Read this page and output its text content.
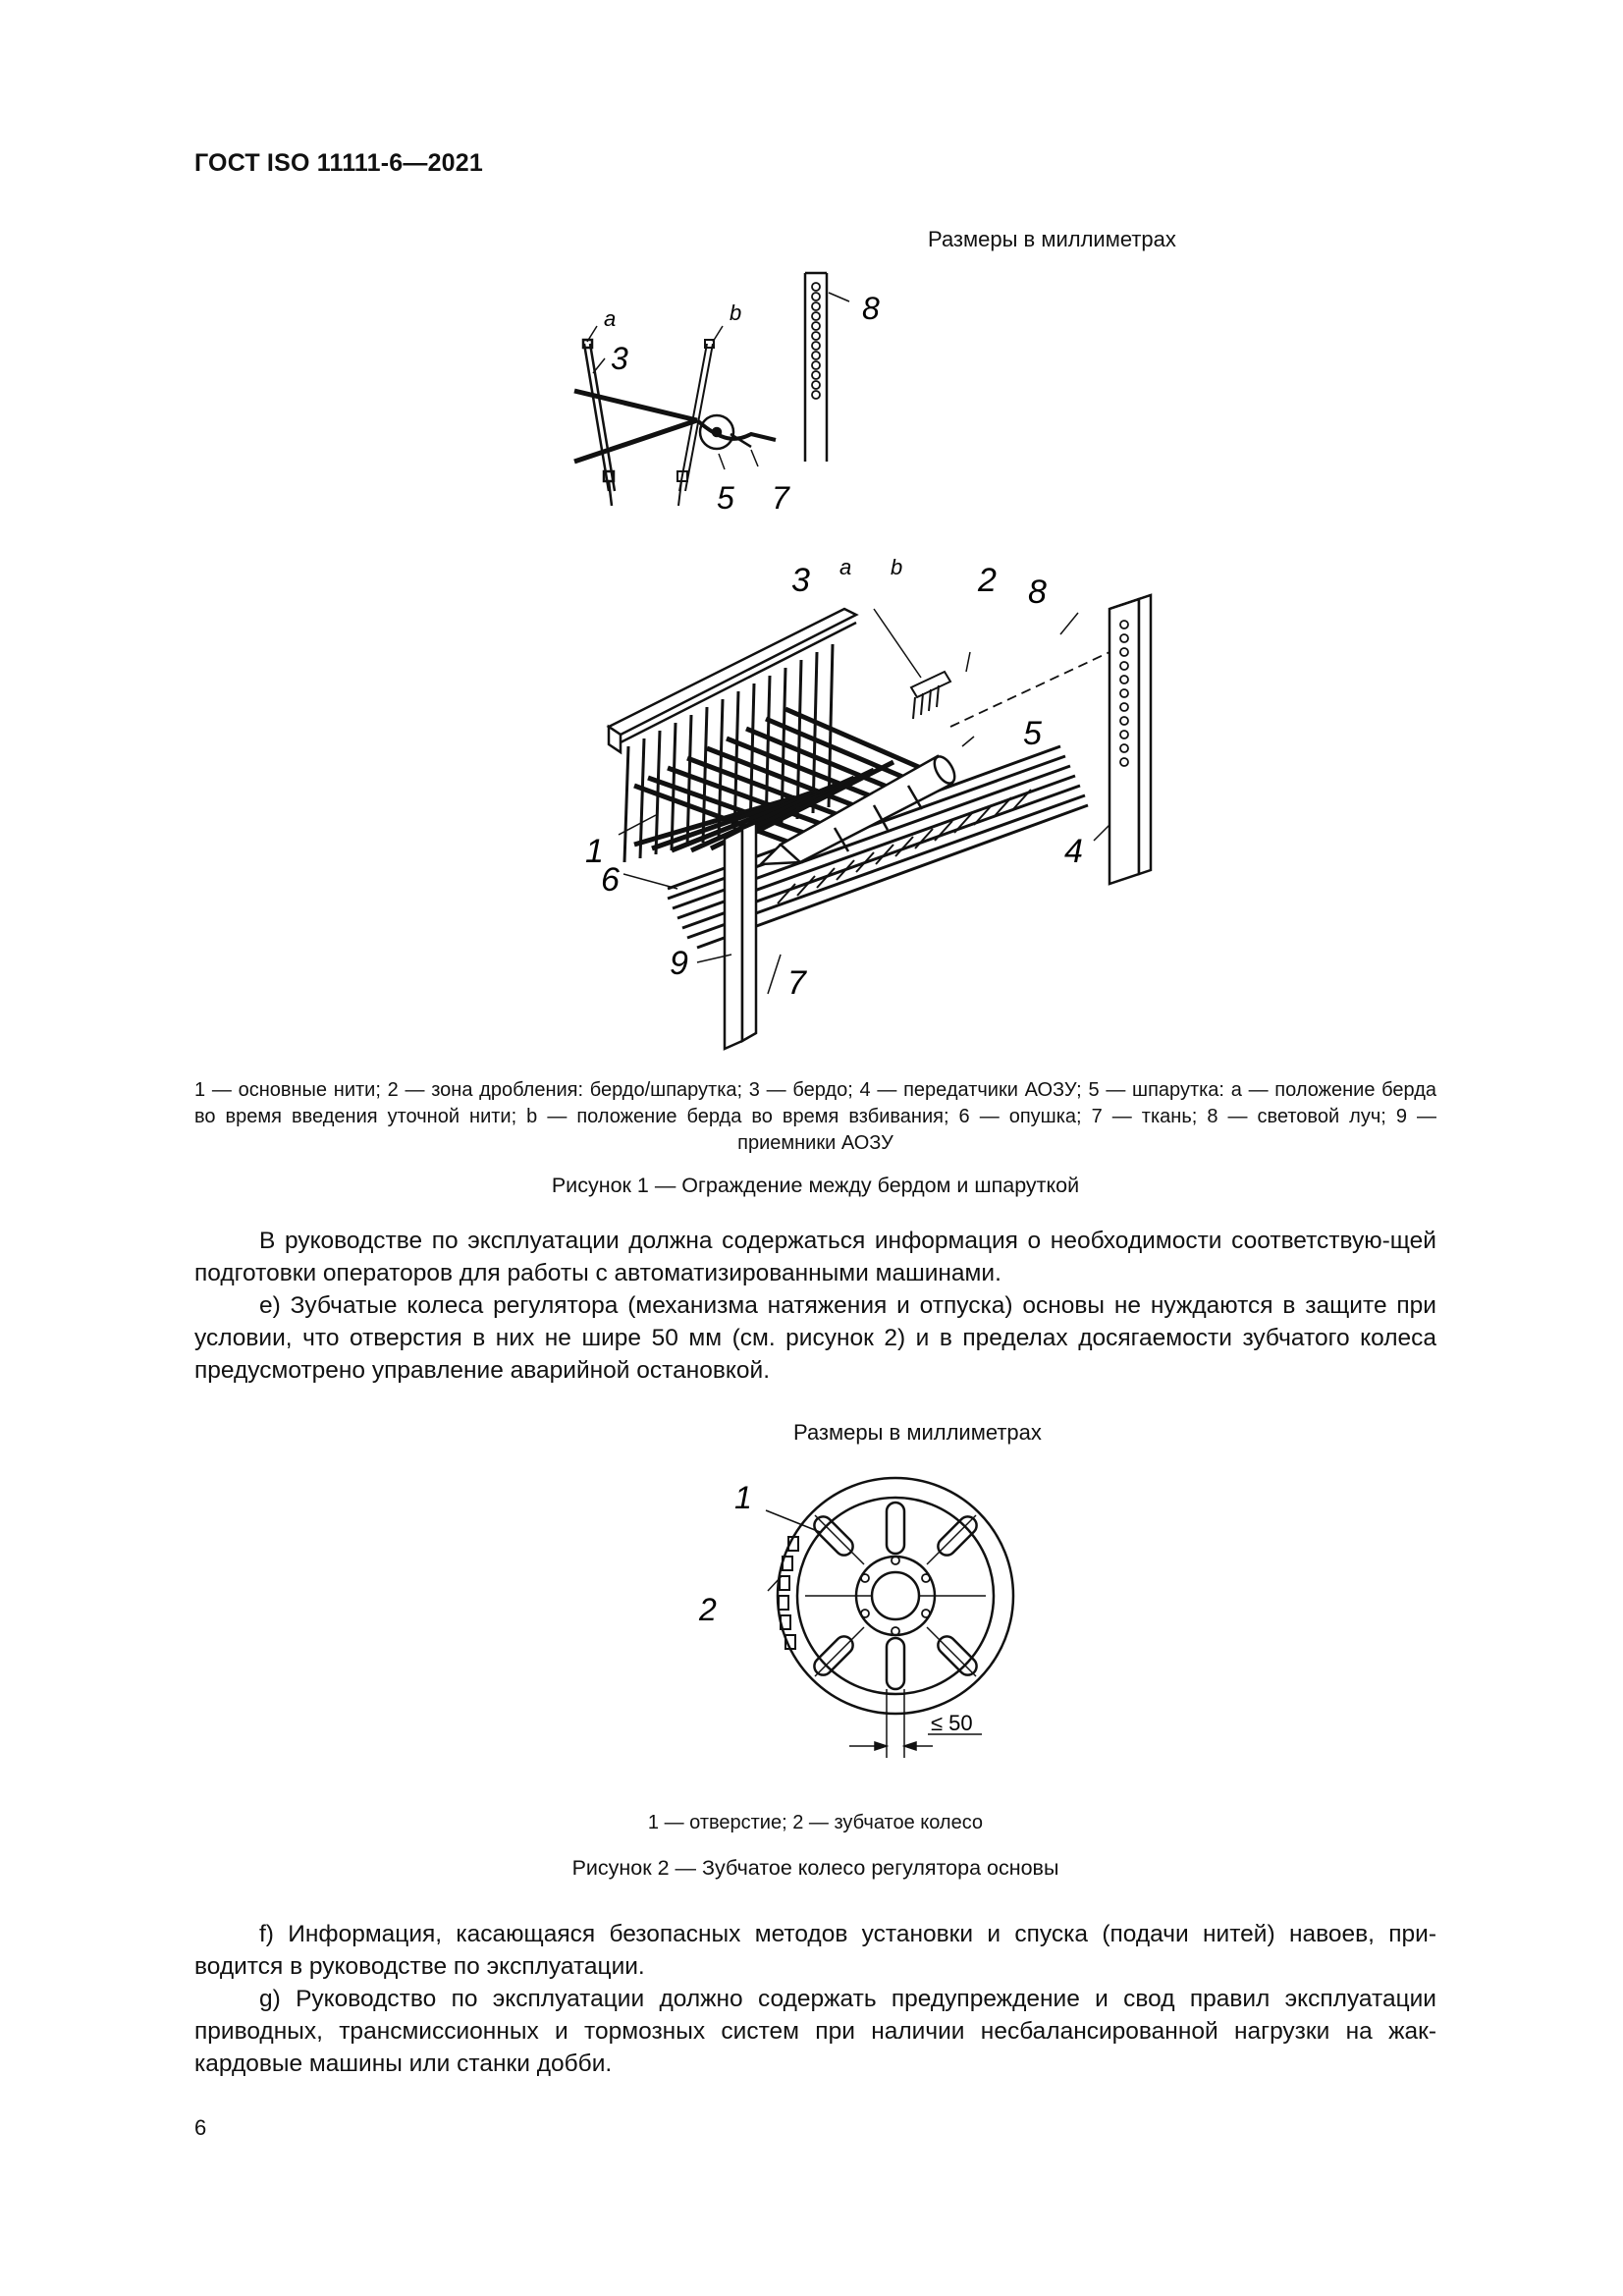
ГОСТ ISO 11111-6—2021
Размеры в миллиметрах
a	b
3
5 7
8
3 a b 2 8
5
1
6
4
9
7
1 — основные нити; 2 — зона дробления: бердо/шпарутка; 3 — бердо; 4 — передатчики АОЗУ; 5 — шпарутка: a — положение берда во время введения уточной нити; b — положение берда во время взбивания; 6 — опушка; 7 — ткань; 8 — световой луч; 9 — приемники АОЗУ
Рисунок 1 — Ограждение между бердом и шпаруткой

В руководстве по эксплуатации должна содержаться информация о необходимости соответствую-щей подготовки операторов для работы с автоматизированными машинами.

e) Зубчатые колеса регулятора (механизма натяжения и отпуска) основы не нуждаются в защите при условии, что отверстия в них не шире 50 мм (см. рисунок 2) и в пределах досягаемости зубчатого колеса предусмотрено управление аварийной остановкой.

Размеры в миллиметрах
1
2
≤ 50
1 — отверстие; 2 — зубчатое колесо
Рисунок 2 — Зубчатое колесо регулятора основы

f) Информация, касающаяся безопасных методов установки и спуска (подачи нитей) навоев, при-водится в руководстве по эксплуатации.

g) Руководство по эксплуатации должно содержать предупреждение и свод правил эксплуатации приводных, трансмиссионных и тормозных систем при наличии несбалансированной нагрузки на жак-кардовые машины или станки добби.

6
